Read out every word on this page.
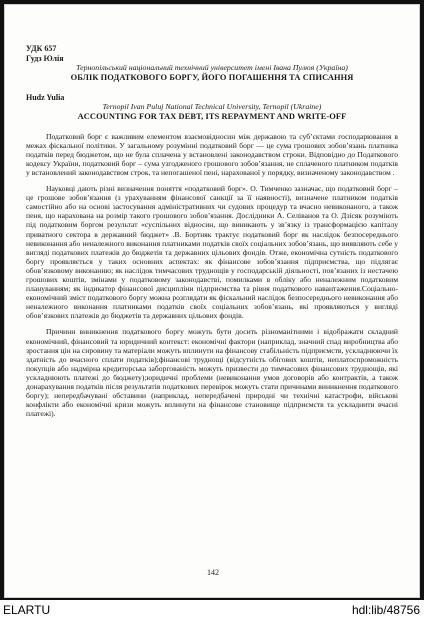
УДК 657
Гудз Юлія
Тернопільський національний технічний університет імені Івана Пулюя (Україна)
ОБЛІК ПОДАТКОВОГО БОРГУ, ЙОГО ПОГАШЕННЯ ТА СПИСАННЯ
Hudz Yulia
Ternopil Ivan Puluj National Technical University, Ternopil (Ukraine)
ACCOUNTING FOR TAX DEBT, ITS REPAYMENT AND WRITE-OFF

Податковий борг є важливим елементом взаємовідносин між державою та суб’єктами господарювання в межах фіскальної політики. У загальному розумінні податковий борг — це сума грошових зобов’язань платника податків перед бюджетом, що не була сплачена у встановлені законодавством строки. Відповідно до Податкового кодексу України, податковий борг – сума узгодженого грошового зобов’язання, не сплаченого платником податків у встановлений законодавством строк, та непогашеної пені, нарахованої у порядку, визначеному законодавством .

Науковці дають різні визначення поняття «податковий борг». О. Тимченко зазначає, що податковий борг – це грошове зобов’язання (з урахуванням фінансової санкції за її наявності), визначене платником податків самостійно або на основі застосування адміністративних чи судових процедур та вчасно невиконаного, а також пеня, що нарахована на розмір такого грошового зобов’язання. Дослідники А. Селіванов та О. Дзісяк розуміють під податковим боргом результат «суспільних відносин, що виникають у зв’язку із трансформацією капіталу приватного сектора в державний бюджет» .В. Бортняк трактує податковий борг як наслідок безпосереднього невиконання або неналежного виконання платниками податків своїх соціальних зобов’язань, що виявляють себе у вигляді податкових платежів до бюджетів та державних цільових фондів. Отже, економічна сутність податкового боргу проявляється у таких основних аспектах: як фінансове зобов’язання підприємства, що підлягає обов’язковому виконанню; як наслідок тимчасових труднощів у господарській діяльності, пов’язаних із нестачею грошових коштів, змінами у податковому законодавстві, помилками в обліку або неналежним податковим плануванням; як індикатор фінансової дисципліни підприємства та рівня податкового навантаження.Соціально-економічний зміст податкового боргу можна розглядати як фіскальний наслідок безпосереднього невиконання або неналежного виконання платниками податків своїх соціальних зобов’язань, які проявляються у вигляді обов’язкових платежів до бюджетів та державних цільових фондів.

Причини виникнення податкового боргу можуть бути досить різноманітними і відображати складний економічний, фінансовий та юридичний контекст: економічні фактори (наприклад, значний спад виробництва або зростання цін на сировину та матеріали можуть вплинути на фінансову стабільність підприємств, ускладнюючи їх здатність до вчасного сплати податків);фінансові труднощі (відсутність обігових коштів, неплатоспроможність покупців або надмірна кредиторська заборгованість можуть призвести до тимчасових фінансових труднощів, які ускладнюють платежі до бюджету);юридичні проблеми (невиконання умов договорів або контрактів, а також донарахування податків після результатів податкових перевірок можуть стати причинами виникнення податкового боргу); непередбачувані обставини (наприклад, непередбачені природні чи технічні катастрофи, військові конфлікти або економічні кризи можуть вплинути на фінансове становище підприємств та ускладнити вчасні платежі).

142
ELARTU	hdl:lib/48756
